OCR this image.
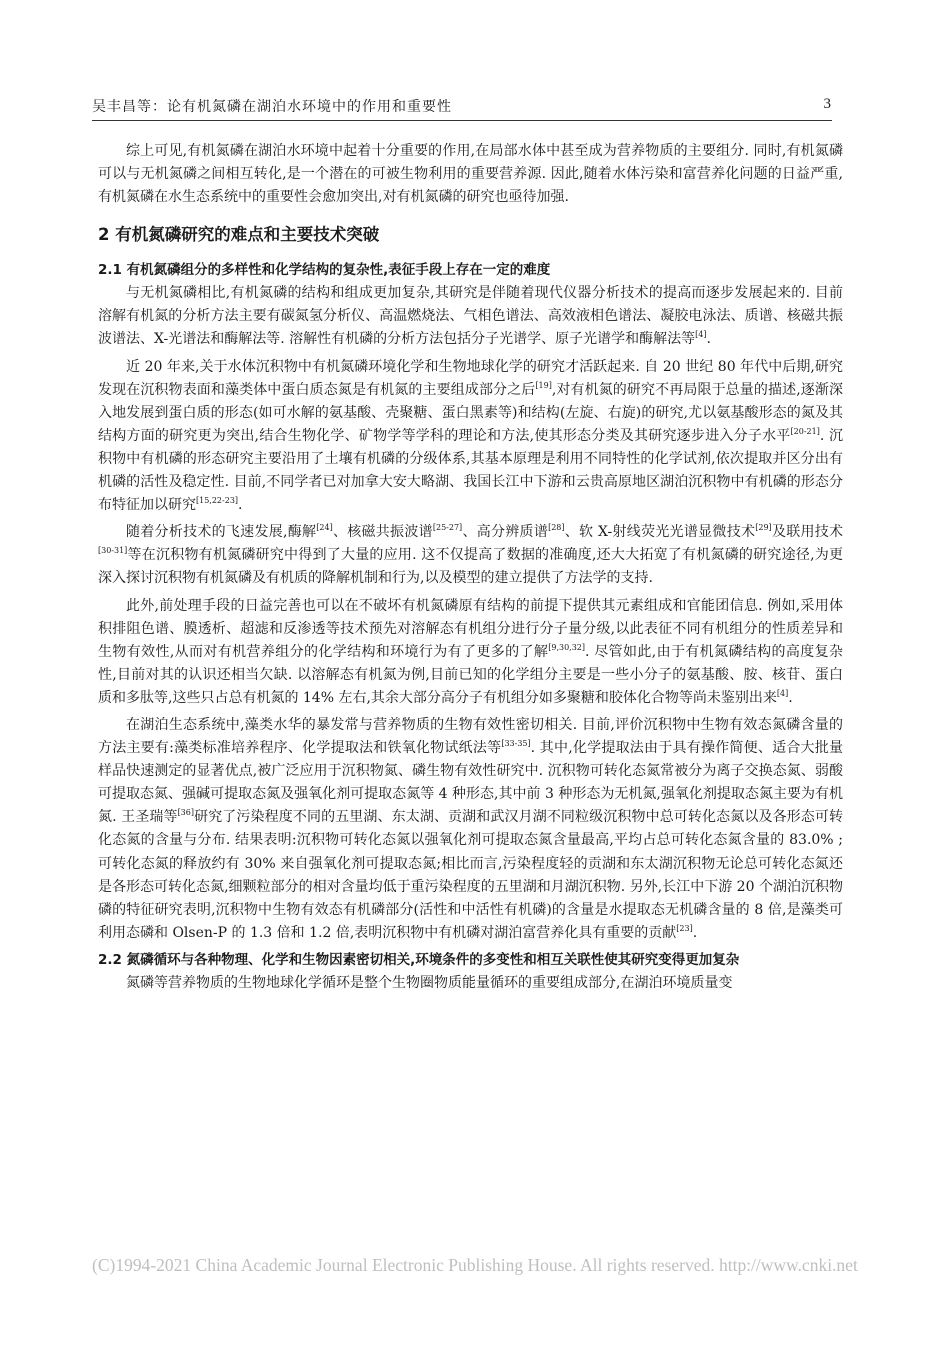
吴丰昌等：论有机氮磷在湖泊水环境中的作用和重要性	3

综上可见,有机氮磷在湖泊水环境中起着十分重要的作用,在局部水体中甚至成为营养物质的主要组分. 同时,有机氮磷可以与无机氮磷之间相互转化,是一个潜在的可被生物利用的重要营养源. 因此,随着水体污染和富营养化问题的日益严重,有机氮磷在水生态系统中的重要性会愈加突出,对有机氮磷的研究也亟待加强.

2 有机氮磷研究的难点和主要技术突破
2.1 有机氮磷组分的多样性和化学结构的复杂性,表征手段上存在一定的难度

与无机氮磷相比,有机氮磷的结构和组成更加复杂,其研究是伴随着现代仪器分析技术的提高而逐步发展起来的. 目前溶解有机氮的分析方法主要有碳氮氢分析仪、高温燃烧法、气相色谱法、高效液相色谱法、凝胶电泳法、质谱、核磁共振波谱法、X-光谱法和酶解法等. 溶解性有机磷的分析方法包括分子光谱学、原子光谱学和酶解法等[4].

近 20 年来,关于水体沉积物中有机氮磷环境化学和生物地球化学的研究才活跃起来. 自 20 世纪 80 年代中后期,研究发现在沉积物表面和藻类体中蛋白质态氮是有机氮的主要组成部分之后[19],对有机氮的研究不再局限于总量的描述,逐渐深入地发展到蛋白质的形态(如可水解的氨基酸、壳聚糖、蛋白黑素等)和结构(左旋、右旋)的研究,尤以氨基酸形态的氮及其结构方面的研究更为突出,结合生物化学、矿物学等学科的理论和方法,使其形态分类及其研究逐步进入分子水平[20-21]. 沉积物中有机磷的形态研究主要沿用了土壤有机磷的分级体系,其基本原理是利用不同特性的化学试剂,依次提取并区分出有机磷的活性及稳定性. 目前,不同学者已对加拿大安大略湖、我国长江中下游和云贵高原地区湖泊沉积物中有机磷的形态分布特征加以研究[15,22-23].

随着分析技术的飞速发展,酶解[24]、核磁共振波谱[25-27]、高分辨质谱[28]、软 X-射线荧光光谱显微技术[29]及联用技术[30-31]等在沉积物有机氮磷研究中得到了大量的应用. 这不仅提高了数据的准确度,还大大拓宽了有机氮磷的研究途径,为更深入探讨沉积物有机氮磷及有机质的降解机制和行为,以及模型的建立提供了方法学的支持.

此外,前处理手段的日益完善也可以在不破坏有机氮磷原有结构的前提下提供其元素组成和官能团信息. 例如,采用体积排阻色谱、膜透析、超滤和反渗透等技术预先对溶解态有机组分进行分子量分级,以此表征不同有机组分的性质差异和生物有效性,从而对有机营养组分的化学结构和环境行为有了更多的了解[9,30,32]. 尽管如此,由于有机氮磷结构的高度复杂性,目前对其的认识还相当欠缺. 以溶解态有机氮为例,目前已知的化学组分主要是一些小分子的氨基酸、胺、核苷、蛋白质和多肽等,这些只占总有机氮的 14% 左右,其余大部分高分子有机组分如多聚糖和胶体化合物等尚未鉴别出来[4].

在湖泊生态系统中,藻类水华的暴发常与营养物质的生物有效性密切相关. 目前,评价沉积物中生物有效态氮磷含量的方法主要有:藻类标准培养程序、化学提取法和铁氧化物试纸法等[33-35]. 其中,化学提取法由于具有操作简便、适合大批量样品快速测定的显著优点,被广泛应用于沉积物氮、磷生物有效性研究中. 沉积物可转化态氮常被分为离子交换态氮、弱酸可提取态氮、强碱可提取态氮及强氧化剂可提取态氮等 4 种形态,其中前 3 种形态为无机氮,强氧化剂提取态氮主要为有机氮. 王圣瑞等[36]研究了污染程度不同的五里湖、东太湖、贡湖和武汉月湖不同粒级沉积物中总可转化态氮以及各形态可转化态氮的含量与分布. 结果表明:沉积物可转化态氮以强氧化剂可提取态氮含量最高,平均占总可转化态氮含量的 83.0% ;可转化态氮的释放约有 30% 来自强氧化剂可提取态氮;相比而言,污染程度轻的贡湖和东太湖沉积物无论总可转化态氮还是各形态可转化态氮,细颗粒部分的相对含量均低于重污染程度的五里湖和月湖沉积物. 另外,长江中下游 20 个湖泊沉积物磷的特征研究表明,沉积物中生物有效态有机磷部分(活性和中活性有机磷)的含量是水提取态无机磷含量的 8 倍,是藻类可利用态磷和 Olsen-P 的 1.3 倍和 1.2 倍,表明沉积物中有机磷对湖泊富营养化具有重要的贡献[23].

2.2 氮磷循环与各种物理、化学和生物因素密切相关,环境条件的多变性和相互关联性使其研究变得更加复杂

氮磷等营养物质的生物地球化学循环是整个生物圈物质能量循环的重要组成部分,在湖泊环境质量变

(C)1994-2021 China Academic Journal Electronic Publishing House. All rights reserved. http://www.cnki.net
